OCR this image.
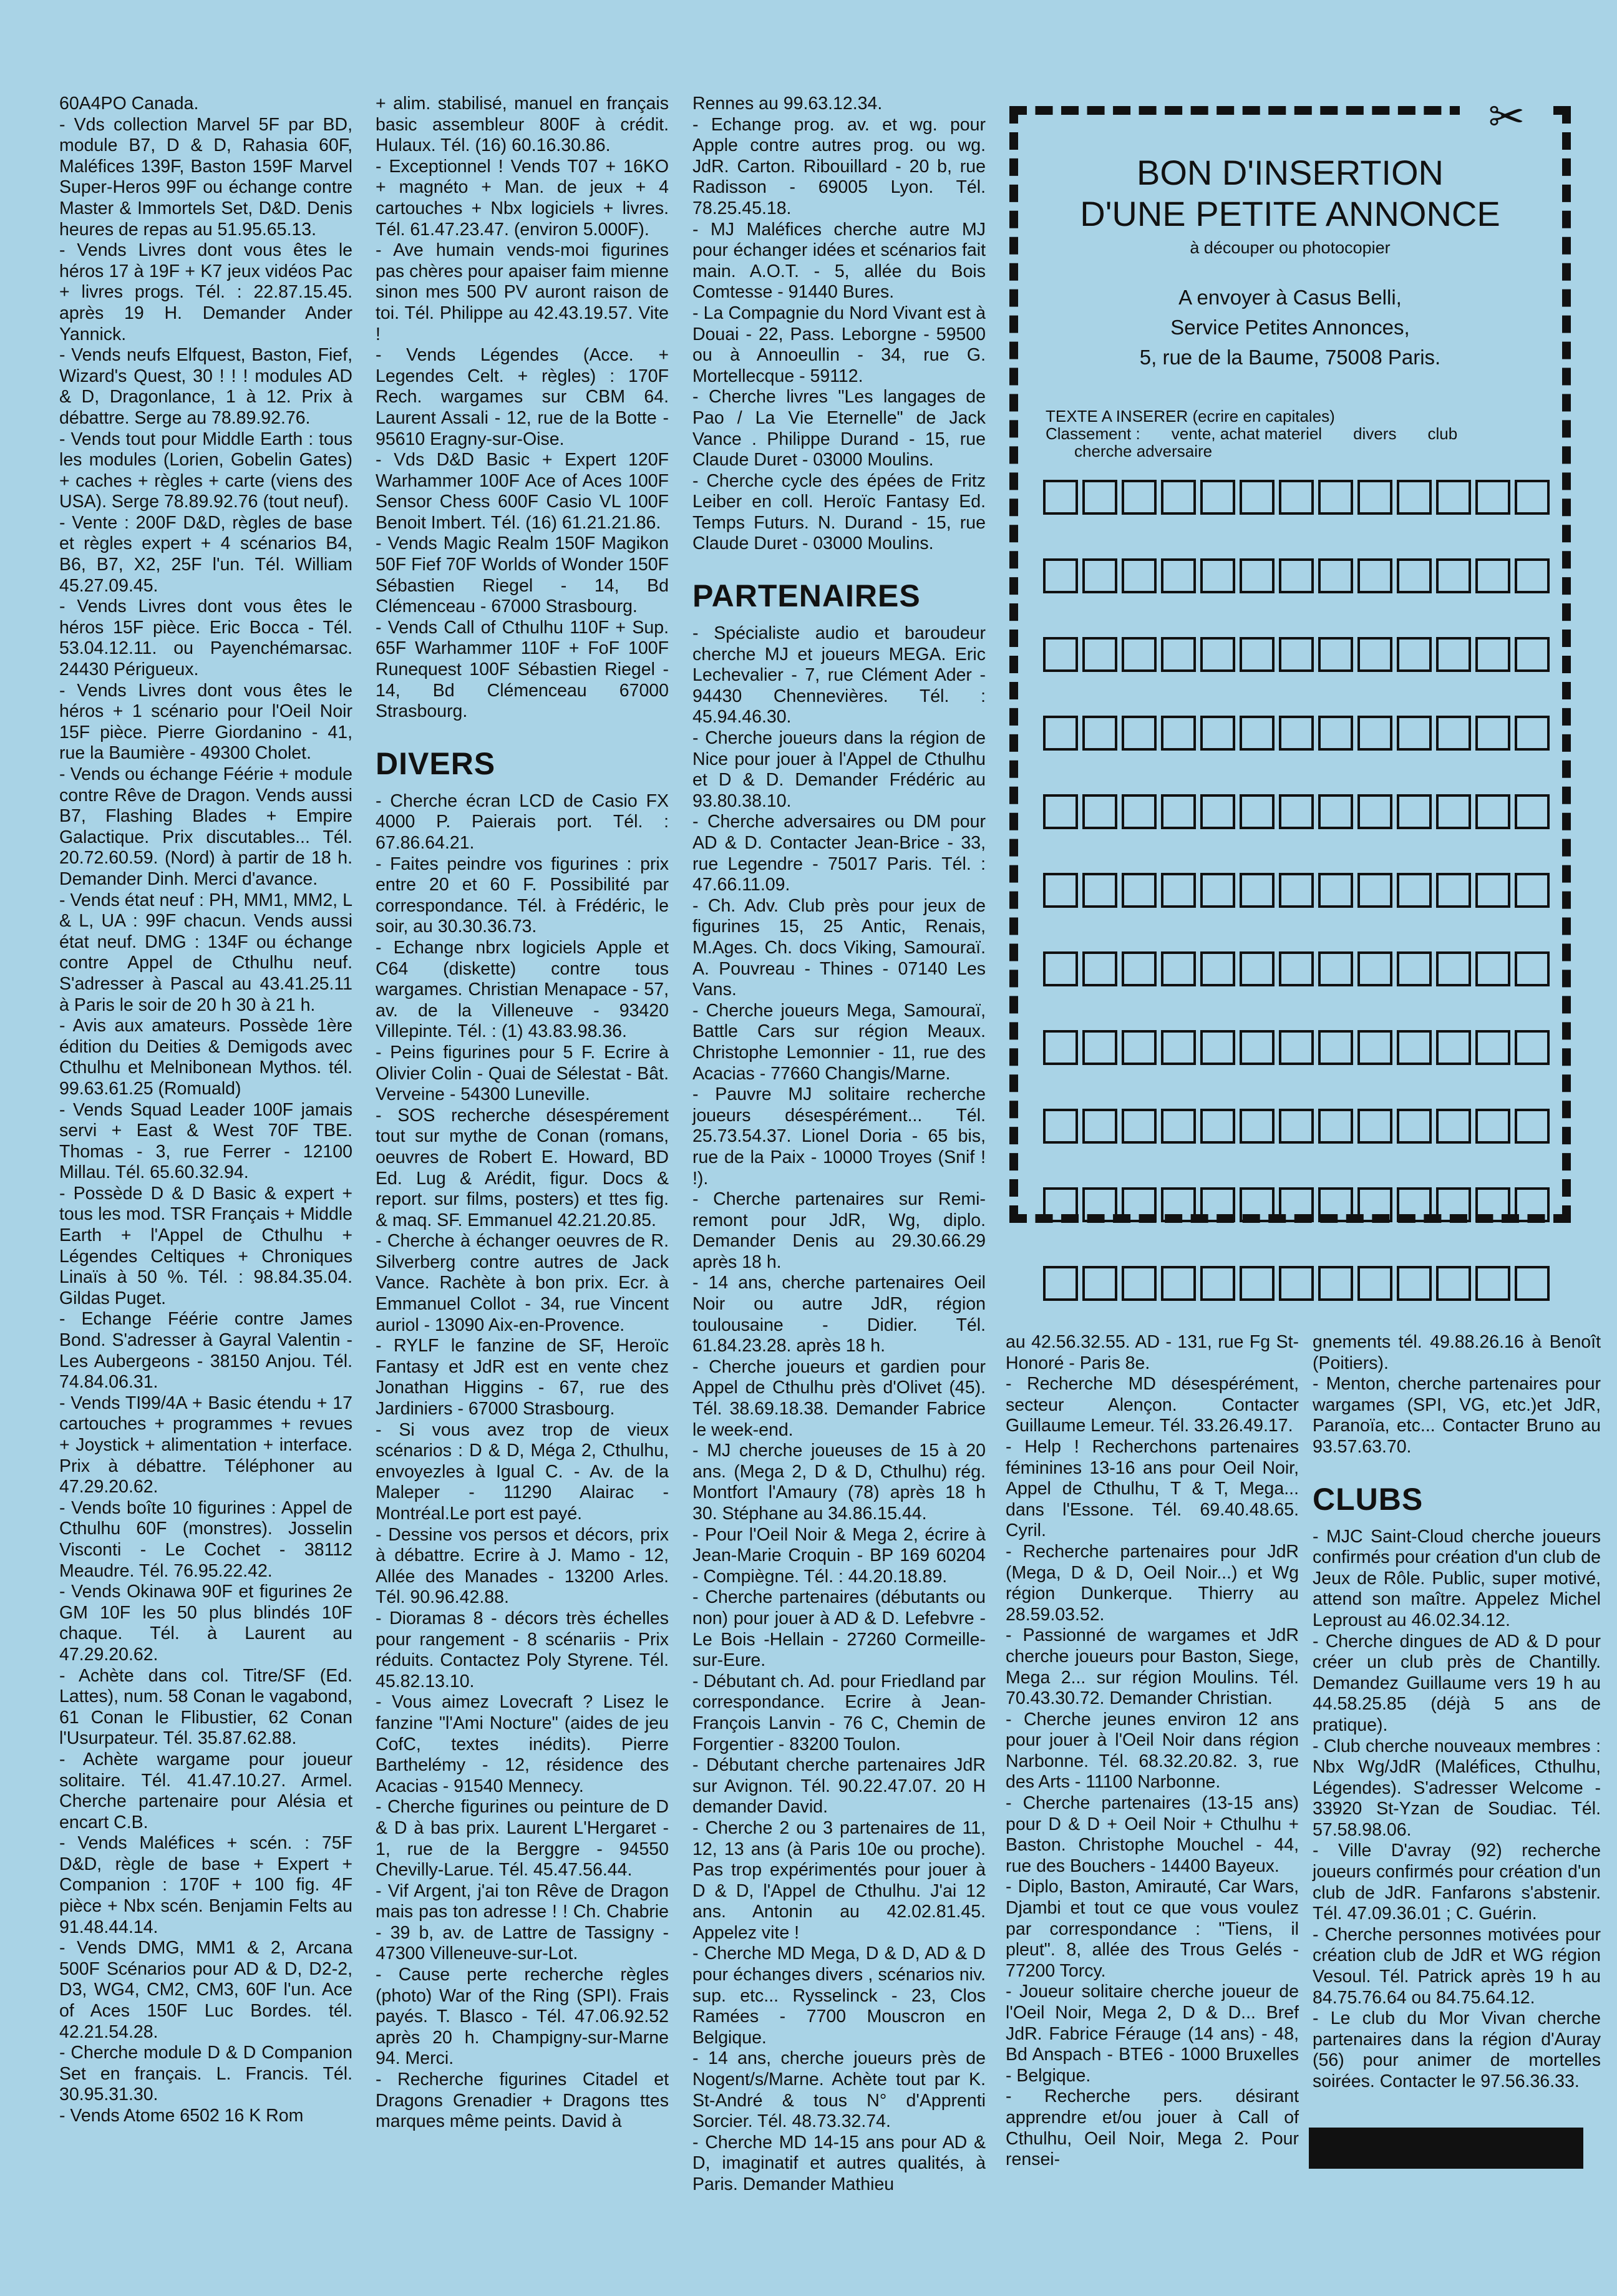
60A4PO Canada.

- Vds collection Marvel 5F par BD, module B7, D & D, Rahasia 60F, Maléfices 139F, Baston 159F Marvel Super-Heros 99F ou échange contre Master & Immortels Set, D&D. Denis heures de repas au 51.95.65.13.

- Vends Livres dont vous êtes le héros 17 à 19F + K7 jeux vidéos Pac + livres progs. Tél. : 22.87.15.45. après 19 H. Demander Ander Yannick.

- Vends neufs Elfquest, Baston, Fief, Wizard's Quest, 30 ! ! ! modules AD & D, Dragonlance, 1 à 12. Prix à débattre. Serge au 78.89.92.76.

- Vends tout pour Middle Earth : tous les modules (Lorien, Gobelin Gates) + caches + règles + carte (viens des USA). Serge 78.89.92.76 (tout neuf).

- Vente : 200F D&D, règles de base et règles expert + 4 scénarios B4, B6, B7, X2, 25F l'un. Tél. William 45.27.09.45.

- Vends Livres dont vous êtes le héros 15F pièce. Eric Bocca - Tél. 53.04.12.11. ou Payenchémarsac. 24430 Périgueux.

- Vends Livres dont vous êtes le héros + 1 scénario pour l'Oeil Noir 15F pièce. Pierre Giordanino - 41, rue la Baumière - 49300 Cholet.

- Vends ou échange Féérie + module contre Rêve de Dragon. Vends aussi B7, Flashing Blades + Empire Galactique. Prix discutables... Tél. 20.72.60.59. (Nord) à partir de 18 h. Demander Dinh. Merci d'avance.

- Vends état neuf : PH, MM1, MM2, L & L, UA : 99F chacun. Vends aussi état neuf. DMG : 134F ou échange contre Appel de Cthulhu neuf. S'adresser à Pascal au 43.41.25.11 à Paris le soir de 20 h 30 à 21 h.

- Avis aux amateurs. Possède 1ère édition du Deities & Demigods avec Cthulhu et Melnibonean Mythos. tél. 99.63.61.25 (Romuald)

- Vends Squad Leader 100F jamais servi + East & West 70F TBE. Thomas - 3, rue Ferrer - 12100 Millau. Tél. 65.60.32.94.

- Possède D & D Basic & expert + tous les mod. TSR Français + Middle Earth + l'Appel de Cthulhu + Légendes Celtiques + Chroniques Linaïs à 50 %. Tél. : 98.84.35.04. Gildas Puget.

- Echange Féérie contre James Bond. S'adresser à Gayral Valentin - Les Aubergeons - 38150 Anjou. Tél. 74.84.06.31.

- Vends TI99/4A + Basic étendu + 17 cartouches + programmes + revues + Joystick + alimentation + interface. Prix à débattre. Téléphoner au 47.29.20.62.

- Vends boîte 10 figurines : Appel de Cthulhu 60F (monstres). Josselin Visconti - Le Cochet - 38112 Meaudre. Tél. 76.95.22.42.

- Vends Okinawa 90F et figurines 2e GM 10F les 50 plus blindés 10F chaque. Tél. à Laurent au 47.29.20.62.

- Achète dans col. Titre/SF (Ed. Lattes), num. 58 Conan le vagabond, 61 Conan le Flibustier, 62 Conan l'Usurpateur. Tél. 35.87.62.88.

- Achète wargame pour joueur solitaire. Tél. 41.47.10.27. Armel. Cherche partenaire pour Alésia et encart C.B.

- Vends Maléfices + scén. : 75F D&D, règle de base + Expert + Companion : 170F + 100 fig. 4F pièce + Nbx scén. Benjamin Felts au 91.48.44.14.

- Vends DMG, MM1 & 2, Arcana 500F Scénarios pour AD & D, D2-2, D3, WG4, CM2, CM3, 60F l'un. Ace of Aces 150F Luc Bordes. tél. 42.21.54.28.

- Cherche module D & D Companion Set en français. L. Francis. Tél. 30.95.31.30.

- Vends Atome 6502 16 K Rom

+ alim. stabilisé, manuel en français basic assembleur 800F à crédit. Hulaux. Tél. (16) 60.16.30.86.

- Exceptionnel ! Vends T07 + 16KO + magnéto + Man. de jeux + 4 cartouches + Nbx logiciels + livres. Tél. 61.47.23.47. (environ 5.000F).

- Ave humain vends-moi figurines pas chères pour apaiser faim mienne sinon mes 500 PV auront raison de toi. Tél. Philippe au 42.43.19.57. Vite !

- Vends Légendes (Acce. + Legendes Celt. + règles) : 170F Rech. wargames sur CBM 64. Laurent Assali - 12, rue de la Botte - 95610 Eragny-sur-Oise.

- Vds D&D Basic + Expert 120F Warhammer 100F Ace of Aces 100F Sensor Chess 600F Casio VL 100F Benoit Imbert. Tél. (16) 61.21.21.86.

- Vends Magic Realm 150F Magikon 50F Fief 70F Worlds of Wonder 150F Sébastien Riegel - 14, Bd Clémenceau - 67000 Strasbourg.

- Vends Call of Cthulhu 110F + Sup. 65F Warhammer 110F + FoF 100F Runequest 100F Sébastien Riegel - 14, Bd Clémenceau 67000 Strasbourg.

DIVERS

- Cherche écran LCD de Casio FX 4000 P. Paierais port. Tél. : 67.86.64.21.

- Faites peindre vos figurines : prix entre 20 et 60 F. Possibilité par correspondance. Tél. à Frédéric, le soir, au 30.30.36.73.

- Echange nbrx logiciels Apple et C64 (diskette) contre tous wargames. Christian Menapace - 57, av. de la Villeneuve - 93420 Villepinte. Tél. : (1) 43.83.98.36.

- Peins figurines pour 5 F. Ecrire à Olivier Colin - Quai de Sélestat - Bât. Verveine - 54300 Luneville.

- SOS recherche désespérement tout sur mythe de Conan (romans, oeuvres de Robert E. Howard, BD Ed. Lug & Arédit, figur. Docs & report. sur films, posters) et ttes fig. & maq. SF. Emmanuel 42.21.20.85.

- Cherche à échanger oeuvres de R. Silverberg contre autres de Jack Vance. Rachète à bon prix. Ecr. à Emmanuel Collot - 34, rue Vincent auriol - 13090 Aix-en-Provence.

- RYLF le fanzine de SF, Heroïc Fantasy et JdR est en vente chez Jonathan Higgins - 67, rue des Jardiniers - 67000 Strasbourg.

- Si vous avez trop de vieux scénarios : D & D, Méga 2, Cthulhu, envoyezles à Igual C. - Av. de la Maleper - 11290 Alairac - Montréal.Le port est payé.

- Dessine vos persos et décors, prix à débattre. Ecrire à J. Mamo - 12, Allée des Manades - 13200 Arles. Tél. 90.96.42.88.

- Dioramas 8 - décors très échelles pour rangement - 8 scénariis - Prix réduits. Contactez Poly Styrene. Tél. 45.82.13.10.

- Vous aimez Lovecraft ? Lisez le fanzine "l'Ami Nocture" (aides de jeu CofC, textes inédits). Pierre Barthelémy - 12, résidence des Acacias - 91540 Mennecy.

- Cherche figurines ou peinture de D & D à bas prix. Laurent L'Hergaret - 1, rue de la Berggre - 94550 Chevilly-Larue. Tél. 45.47.56.44.

- Vif Argent, j'ai ton Rêve de Dragon mais pas ton adresse ! ! Ch. Chabrie - 39 b, av. de Lattre de Tassigny - 47300 Villeneuve-sur-Lot.

- Cause perte recherche règles (photo) War of the Ring (SPI). Frais payés. T. Blasco - Tél. 47.06.92.52 après 20 h. Champigny-sur-Marne 94. Merci.

- Recherche figurines Citadel et Dragons Grenadier + Dragons ttes marques même peints. David à

Rennes au 99.63.12.34.

- Echange prog. av. et wg. pour Apple contre autres prog. ou wg. JdR. Carton. Ribouillard - 20 b, rue Radisson - 69005 Lyon. Tél. 78.25.45.18.

- MJ Maléfices cherche autre MJ pour échanger idées et scénarios fait main. A.O.T. - 5, allée du Bois Comtesse - 91440 Bures.

- La Compagnie du Nord Vivant est à Douai - 22, Pass. Leborgne - 59500 ou à Annoeullin - 34, rue G. Mortellecque - 59112.

- Cherche livres "Les langages de Pao / La Vie Eternelle" de Jack Vance . Philippe Durand - 15, rue Claude Duret - 03000 Moulins.

- Cherche cycle des épées de Fritz Leiber en coll. Heroïc Fantasy Ed. Temps Futurs. N. Durand - 15, rue Claude Duret - 03000 Moulins.

PARTENAIRES

- Spécialiste audio et baroudeur cherche MJ et joueurs MEGA. Eric Lechevalier - 7, rue Clément Ader - 94430 Chennevières. Tél. : 45.94.46.30.

- Cherche joueurs dans la région de Nice pour jouer à l'Appel de Cthulhu et D & D. Demander Frédéric au 93.80.38.10.

- Cherche adversaires ou DM pour AD & D. Contacter Jean-Brice - 33, rue Legendre - 75017 Paris. Tél. : 47.66.11.09.

- Ch. Adv. Club près pour jeux de figurines 15, 25 Antic, Renais, M.Ages. Ch. docs Viking, Samouraï. A. Pouvreau - Thines - 07140 Les Vans.

- Cherche joueurs Mega, Samouraï, Battle Cars sur région Meaux. Christophe Lemonnier - 11, rue des Acacias - 77660 Changis/Marne.

- Pauvre MJ solitaire recherche joueurs désespérément... Tél. 25.73.54.37. Lionel Doria - 65 bis, rue de la Paix - 10000 Troyes (Snif ! !).

- Cherche partenaires sur Remi-remont pour JdR, Wg, diplo. Demander Denis au 29.30.66.29 après 18 h.

- 14 ans, cherche partenaires Oeil Noir ou autre JdR, région toulousaine - Didier. Tél. 61.84.23.28. après 18 h.

- Cherche joueurs et gardien pour Appel de Cthulhu près d'Olivet (45). Tél. 38.69.18.38. Demander Fabrice le week-end.

- MJ cherche joueuses de 15 à 20 ans. (Mega 2, D & D, Cthulhu) rég. Montfort l'Amaury (78) après 18 h 30. Stéphane au 34.86.15.44.

- Pour l'Oeil Noir & Mega 2, écrire à Jean-Marie Croquin - BP 169 60204 - Compiègne. Tél. : 44.20.18.89.

- Cherche partenaires (débutants ou non) pour jouer à AD & D. Lefebvre - Le Bois -Hellain - 27260 Cormeille-sur-Eure.

- Débutant ch. Ad. pour Friedland par correspondance. Ecrire à Jean-François Lanvin - 76 C, Chemin de Forgentier - 83200 Toulon.

- Débutant cherche partenaires JdR sur Avignon. Tél. 90.22.47.07. 20 H demander David.

- Cherche 2 ou 3 partenaires de 11, 12, 13 ans (à Paris 10e ou proche). Pas trop expérimentés pour jouer à D & D, l'Appel de Cthulhu. J'ai 12 ans. Antonin au 42.02.81.45. Appelez vite !

- Cherche MD Mega, D & D, AD & D pour échanges divers , scénarios niv. sup. etc... Rysselinck - 23, Clos Ramées - 7700 Mouscron en Belgique.

- 14 ans, cherche joueurs près de Nogent/s/Marne. Achète tout par K. St-André & tous N° d'Apprenti Sorcier. Tél. 48.73.32.74.

- Cherche MD 14-15 ans pour AD & D, imaginatif et autres qualités, à Paris. Demander Mathieu

BON D'INSERTION
D'UNE PETITE ANNONCE
à découper ou photocopier
A envoyer à Casus Belli,
Service Petites Annonces,
5, rue de la Baume, 75008 Paris.
TEXTE A INSERER (ecrire en capitales)
Classement : vente, achat materiel divers club
cherche adversaire
✂

au 42.56.32.55. AD - 131, rue Fg St-Honoré - Paris 8e.

- Recherche MD désespérément, secteur Alençon. Contacter Guillaume Lemeur. Tél. 33.26.49.17.

- Help ! Recherchons partenaires féminines 13-16 ans pour Oeil Noir, Appel de Cthulhu, T & T, Mega... dans l'Essone. Tél. 69.40.48.65. Cyril.

- Recherche partenaires pour JdR (Mega, D & D, Oeil Noir...) et Wg région Dunkerque. Thierry au 28.59.03.52.

- Passionné de wargames et JdR cherche joueurs pour Baston, Siege, Mega 2... sur région Moulins. Tél. 70.43.30.72. Demander Christian.

- Cherche jeunes environ 12 ans pour jouer à l'Oeil Noir dans région Narbonne. Tél. 68.32.20.82. 3, rue des Arts - 11100 Narbonne.

- Cherche partenaires (13-15 ans) pour D & D + Oeil Noir + Cthulhu + Baston. Christophe Mouchel - 44, rue des Bouchers - 14400 Bayeux.

- Diplo, Baston, Amirauté, Car Wars, Djambi et tout ce que vous voulez par correspondance : "Tiens, il pleut". 8, allée des Trous Gelés - 77200 Torcy.

- Joueur solitaire cherche joueur de l'Oeil Noir, Mega 2, D & D... Bref JdR. Fabrice Férauge (14 ans) - 48, Bd Anspach - BTE6 - 1000 Bruxelles - Belgique.

- Recherche pers. désirant apprendre et/ou jouer à Call of Cthulhu, Oeil Noir, Mega 2. Pour rensei-

gnements tél. 49.88.26.16 à Benoît (Poitiers).

- Menton, cherche partenaires pour wargames (SPI, VG, etc.)et JdR, Paranoïa, etc... Contacter Bruno au 93.57.63.70.

CLUBS

- MJC Saint-Cloud cherche joueurs confirmés pour création d'un club de Jeux de Rôle. Public, super motivé, attend son maître. Appelez Michel Leproust au 46.02.34.12.

- Cherche dingues de AD & D pour créer un club près de Chantilly. Demandez Guillaume vers 19 h au 44.58.25.85 (déjà 5 ans de pratique).

- Club cherche nouveaux membres : Nbx Wg/JdR (Maléfices, Cthulhu, Légendes). S'adresser Welcome - 33920 St-Yzan de Soudiac. Tél. 57.58.98.06.

- Ville D'avray (92) recherche joueurs confirmés pour création d'un club de JdR. Fanfarons s'abstenir. Tél. 47.09.36.01 ; C. Guérin.

- Cherche personnes motivées pour création club de JdR et WG région Vesoul. Tél. Patrick après 19 h au 84.75.76.64 ou 84.75.64.12.

- Le club du Mor Vivan cherche partenaires dans la région d'Auray (56) pour animer de mortelles soirées. Contacter le 97.56.36.33.
